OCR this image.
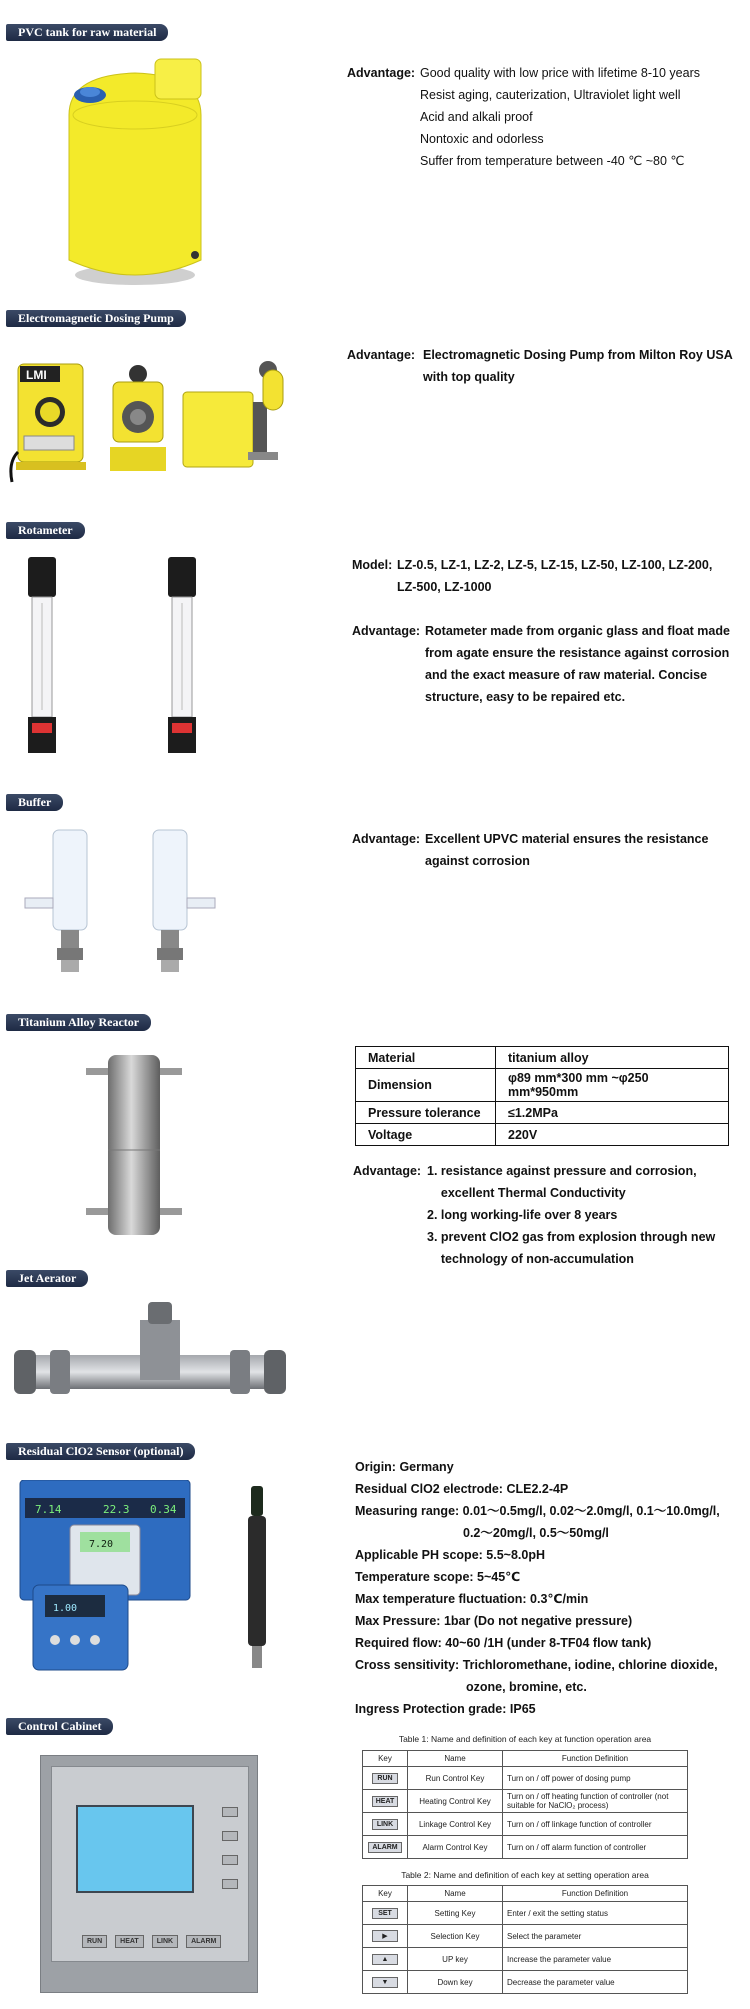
PVC tank for raw material
Advantage: Good quality with low price with lifetime 8-10 years
Resist aging, cauterization, Ultraviolet light well
Acid and alkali proof
Nontoxic and odorless
Suffer from temperature between -40 ℃ ~80 ℃
Electromagnetic Dosing Pump
LMI
Advantage: Electromagnetic Dosing Pump from Milton Roy USA
with top quality
Rotameter
Model: LZ-0.5, LZ-1, LZ-2, LZ-5, LZ-15, LZ-50, LZ-100, LZ-200,
LZ-500, LZ-1000
Advantage: Rotameter made from organic glass and float made
from agate ensure the resistance against corrosion
and the exact measure of raw material. Concise
structure, easy to be repaired etc.
Buffer
Advantage: Excellent UPVC material ensures the resistance
against corrosion
Titanium Alloy Reactor
Material	titanium alloy
Dimension	φ89 mm*300 mm ~φ250 mm*950mm
Pressure tolerance	≤1.2MPa
Voltage	220V
Advantage: 1. resistance against pressure and corrosion,
excellent Thermal Conductivity
2. long working-life over 8 years
3. prevent ClO2 gas from explosion through new
technology of non-accumulation
Jet Aerator
Residual ClO2 Sensor (optional)
7.14	22.3 0.34
7.20
1.00
Origin: Germany
Residual ClO2 electrode: CLE2.2-4P
Measuring range: 0.01～0.5mg/l, 0.02～2.0mg/l, 0.1～10.0mg/l,
0.2～20mg/l, 0.5～50mg/l
Applicable PH scope: 5.5~8.0pH
Temperature scope: 5~45℃
Max temperature fluctuation: 0.3℃/min
Max Pressure: 1bar (Do not negative pressure)
Required flow: 40~60 /1H (under 8-TF04 flow tank)
Cross sensitivity: Trichloromethane, iodine, chlorine dioxide,
ozone, bromine, etc.
Ingress Protection grade: IP65
Control Cabinet
RUN	HEAT	LINK	ALARM
Table 1: Name and definition of each key at function operation area
Key	Name	Function Definition
RUN	Run Control Key	Turn on / off power of dosing pump
HEAT	Heating Control Key	Turn on / off heating function of controller (not suitable for NaClO₂ process)
LINK	Linkage Control Key	Turn on / off linkage function of controller
ALARM	Alarm Control Key	Turn on / off alarm function of controller
Table 2: Name and definition of each key at setting operation area
Key	Name	Function Definition
SET	Setting Key	Enter / exit the setting status
▶	Selection Key	Select the parameter
▲	UP key	Increase the parameter value
▼	Down key	Decrease the parameter value
